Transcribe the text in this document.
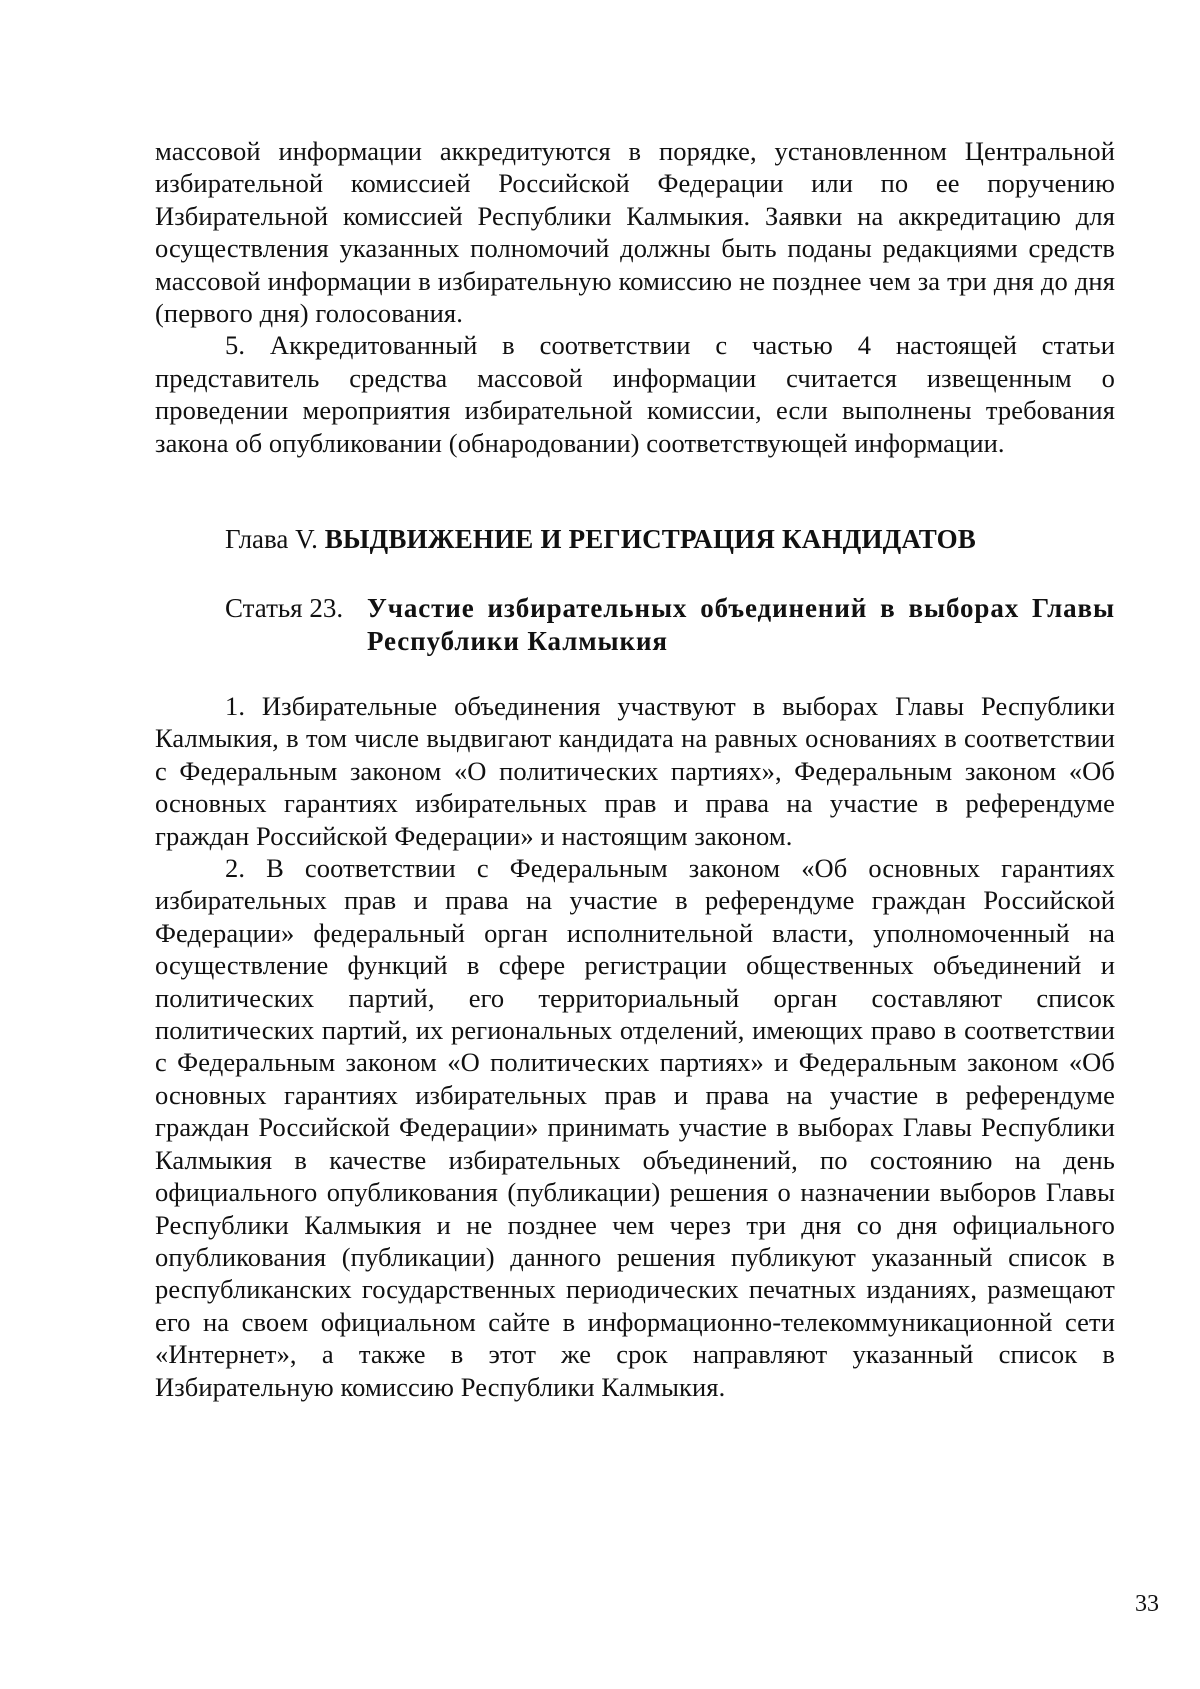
массовой информации аккредитуются в порядке, установленном Центральной избирательной комиссией Российской Федерации или по ее поручению Избирательной комиссией Республики Калмыкия. Заявки на аккредитацию для осуществления указанных полномочий должны быть поданы редакциями средств массовой информации в избирательную комиссию не позднее чем за три дня до дня (первого дня) голосования.

5. Аккредитованный в соответствии с частью 4 настоящей статьи представитель средства массовой информации считается извещенным о проведении мероприятия избирательной комиссии, если выполнены требования закона об опубликовании (обнародовании) соответствующей информации.

Глава V. ВЫДВИЖЕНИЕ И РЕГИСТРАЦИЯ КАНДИДАТОВ
Статья 23. Участие избирательных объединений в выборах Главы Республики Калмыкия

1. Избирательные объединения участвуют в выборах Главы Республики Калмыкия, в том числе выдвигают кандидата на равных основаниях в соответствии с Федеральным законом «О политических партиях», Федеральным законом «Об основных гарантиях избирательных прав и права на участие в референдуме граждан Российской Федерации» и настоящим законом.

2. В соответствии с Федеральным законом «Об основных гарантиях избирательных прав и права на участие в референдуме граждан Российской Федерации» федеральный орган исполнительной власти, уполномоченный на осуществление функций в сфере регистрации общественных объединений и политических партий, его территориальный орган составляют список политических партий, их региональных отделений, имеющих право в соответствии с Федеральным законом «О политических партиях» и Федеральным законом «Об основных гарантиях избирательных прав и права на участие в референдуме граждан Российской Федерации» принимать участие в выборах Главы Республики Калмыкия в качестве избирательных объединений, по состоянию на день официального опубликования (публикации) решения о назначении выборов Главы Республики Калмыкия и не позднее чем через три дня со дня официального опубликования (публикации) данного решения публикуют указанный список в республиканских государственных периодических печатных изданиях, размещают его на своем официальном сайте в информационно-телекоммуникационной сети «Интернет», а также в этот же срок направляют указанный список в Избирательную комиссию Республики Калмыкия.

33
